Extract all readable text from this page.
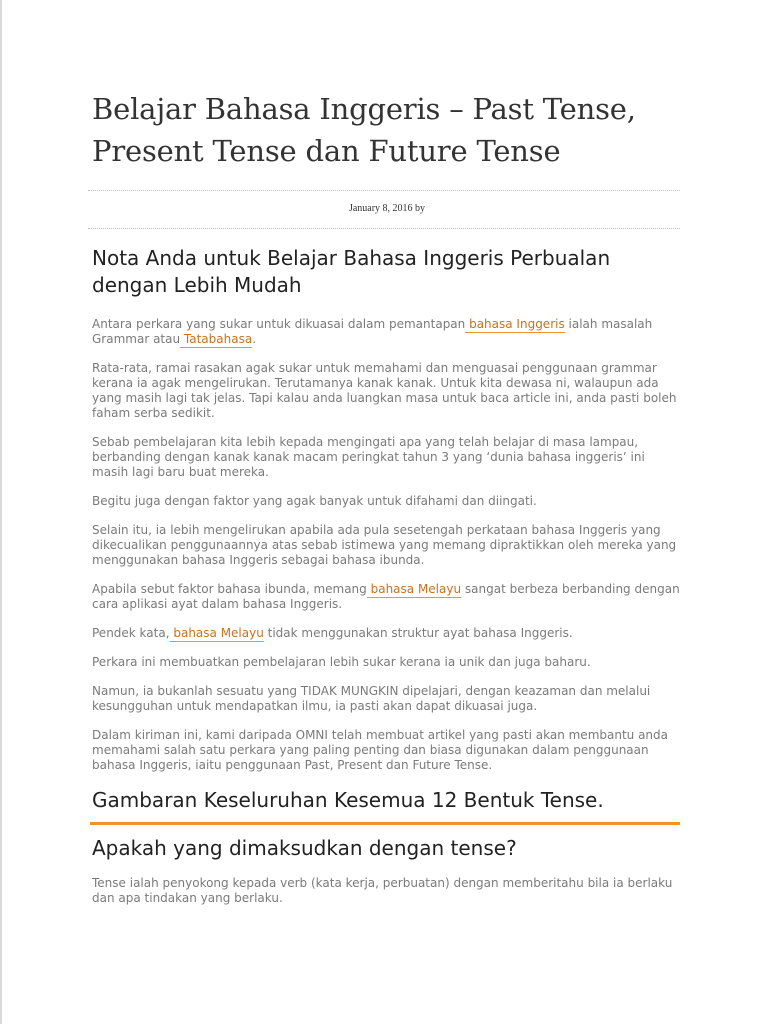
Belajar Bahasa Inggeris – Past Tense, Present Tense dan Future Tense
January 8, 2016 by
Nota Anda untuk Belajar Bahasa Inggeris Perbualan dengan Lebih Mudah

Antara perkara yang sukar untuk dikuasai dalam pemantapan bahasa Inggeris ialah masalah Grammar atau Tatabahasa.

Rata-rata, ramai rasakan agak sukar untuk memahami dan menguasai penggunaan grammar kerana ia agak mengelirukan. Terutamanya kanak kanak. Untuk kita dewasa ni, walaupun ada yang masih lagi tak jelas. Tapi kalau anda luangkan masa untuk baca article ini, anda pasti boleh faham serba sedikit.

Sebab pembelajaran kita lebih kepada mengingati apa yang telah belajar di masa lampau, berbanding dengan kanak kanak macam peringkat tahun 3 yang ‘dunia bahasa inggeris’ ini masih lagi baru buat mereka.

Begitu juga dengan faktor yang agak banyak untuk difahami dan diingati.

Selain itu, ia lebih mengelirukan apabila ada pula sesetengah perkataan bahasa Inggeris yang dikecualikan penggunaannya atas sebab istimewa yang memang dipraktikkan oleh mereka yang menggunakan bahasa Inggeris sebagai bahasa ibunda.

Apabila sebut faktor bahasa ibunda, memang bahasa Melayu sangat berbeza berbanding dengan cara aplikasi ayat dalam bahasa Inggeris.

Pendek kata, bahasa Melayu tidak menggunakan struktur ayat bahasa Inggeris.

Perkara ini membuatkan pembelajaran lebih sukar kerana ia unik dan juga baharu.

Namun, ia bukanlah sesuatu yang TIDAK MUNGKIN dipelajari, dengan keazaman dan melalui kesungguhan untuk mendapatkan ilmu, ia pasti akan dapat dikuasai juga.

Dalam kiriman ini, kami daripada OMNI telah membuat artikel yang pasti akan membantu anda memahami salah satu perkara yang paling penting dan biasa digunakan dalam penggunaan bahasa Inggeris, iaitu penggunaan Past, Present dan Future Tense.

Gambaran Keseluruhan Kesemua 12 Bentuk Tense.
Apakah yang dimaksudkan dengan tense?

Tense ialah penyokong kepada verb (kata kerja, perbuatan) dengan memberitahu bila ia berlaku dan apa tindakan yang berlaku.
